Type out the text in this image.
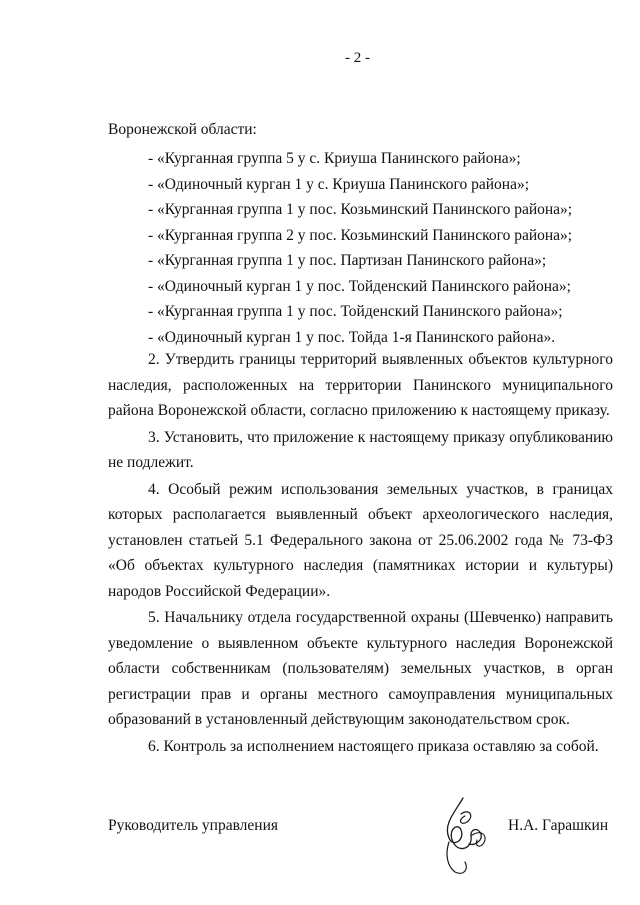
- 2 -
Воронежской области:
- «Курганная группа 5 у с. Криуша Панинского района»;
- «Одиночный курган 1 у с. Криуша Панинского района»;
- «Курганная группа 1 у пос. Козьминский Панинского района»;
- «Курганная группа 2 у пос. Козьминский Панинского района»;
- «Курганная группа 1 у пос. Партизан Панинского района»;
- «Одиночный курган 1 у пос. Тойденский Панинского района»;
- «Курганная группа 1 у пос. Тойденский Панинского района»;
- «Одиночный курган 1 у пос. Тойда 1-я Панинского района».

2. Утвердить границы территорий выявленных объектов культурного наследия, расположенных на территории Панинского муниципального района Воронежской области, согласно приложению к настоящему приказу.

3. Установить, что приложение к настоящему приказу опубликованию не подлежит.

4. Особый режим использования земельных участков, в границах которых располагается выявленный объект археологического наследия, установлен статьей 5.1 Федерального закона от 25.06.2002 года № 73-ФЗ «Об объектах культурного наследия (памятниках истории и культуры) народов Российской Федерации».

5. Начальнику отдела государственной охраны (Шевченко) направить уведомление о выявленном объекте культурного наследия Воронежской области собственникам (пользователям) земельных участков, в орган регистрации прав и органы местного самоуправления муниципальных образований в установленный действующим законодательством срок.

6. Контроль за исполнением настоящего приказа оставляю за собой.

Руководитель управления	Н.А. Гарашкин
